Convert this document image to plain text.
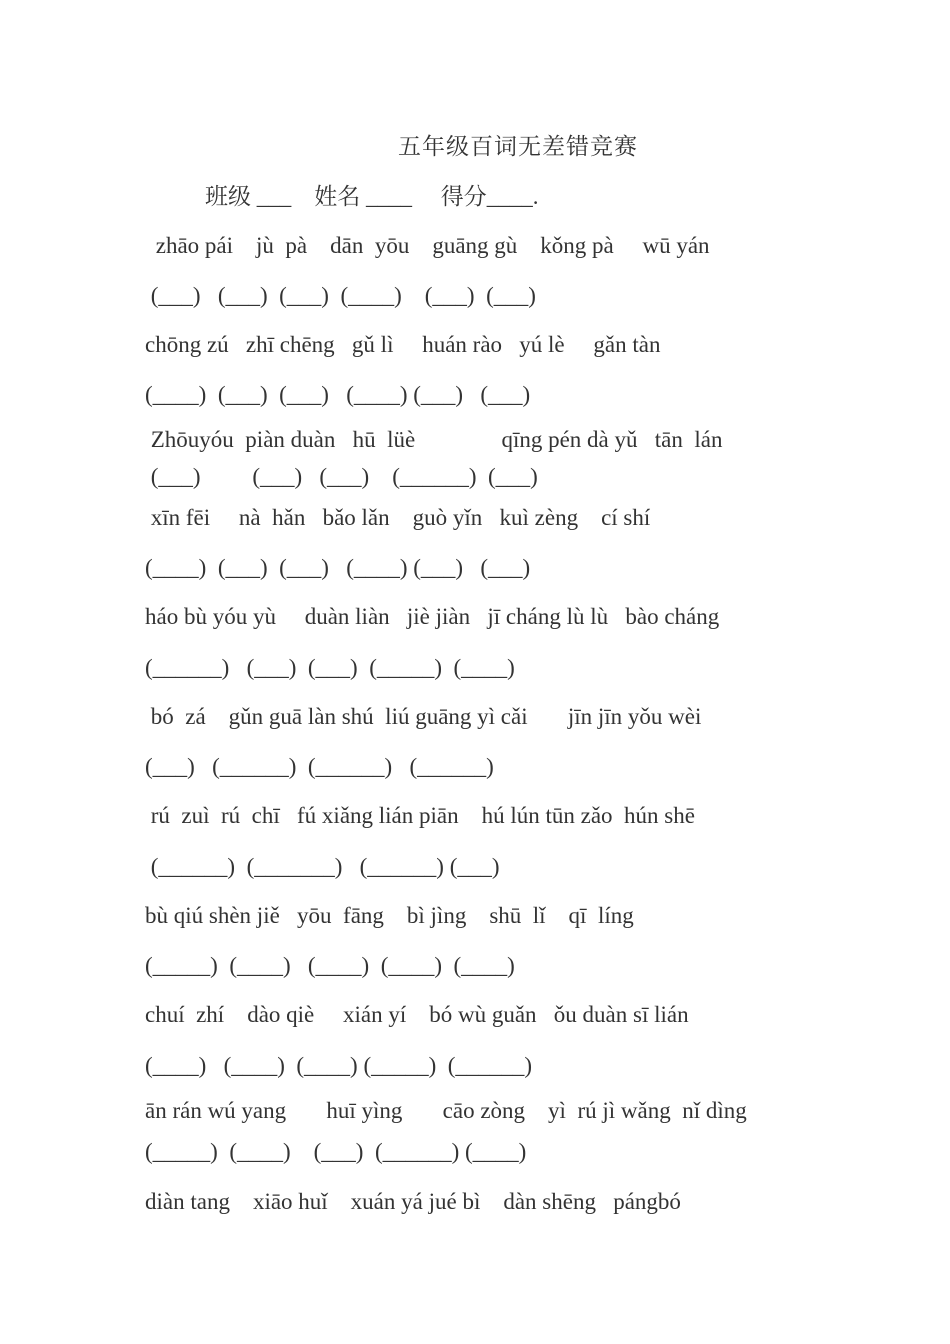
五年级百词无差错竞赛
班级 ___    姓名 ____     得分____.
zhāo pái    jù  pà    dān  yōu    guāng gù    kǒng pà     wū yán
(___)   (___)  (___)  (____)    (___)  (___)
chōng zú   zhī chēng   gǔ lì     huán rào   yú lè     gǎn tàn
(____)  (___)  (___)   (____) (___)   (___)
Zhōuyóu  piàn duàn   hū  lüè               qīng pén dà yǔ   tān  lán
(___)         (___)   (___)    (______)  (___)
xīn fēi     nà  hǎn   bǎo lǎn    guò yǐn   kuì zèng    cí shí
(____)  (___)  (___)   (____) (___)   (___)
háo bù yóu yù     duàn liàn   jiè jiàn   jī cháng lù lù   bào cháng
(______)   (___)  (___)  (_____)  (____)
bó  zá    gǔn guā làn shú  liú guāng yì cǎi       jīn jīn yǒu wèi
(___)   (______)  (______)   (______)
rú  zuì  rú  chī   fú xiǎng lián piān    hú lún tūn zǎo  hún shē
(______)  (_______)   (______) (___)
bù qiú shèn jiě   yōu  fāng    bì jìng    shū  lǐ    qī  líng
(_____)  (____)   (____)  (____)  (____)
chuí  zhí    dào qiè     xián yí    bó wù guǎn   ǒu duàn sī lián
(____)   (____)  (____) (_____)  (______)
ān rán wú yang       huī yìng       cāo zòng    yì  rú jì wǎng  nǐ dìng
(_____)  (____)    (___)  (______) (____)
diàn tang    xiāo huǐ    xuán yá jué bì    dàn shēng   pángbó
